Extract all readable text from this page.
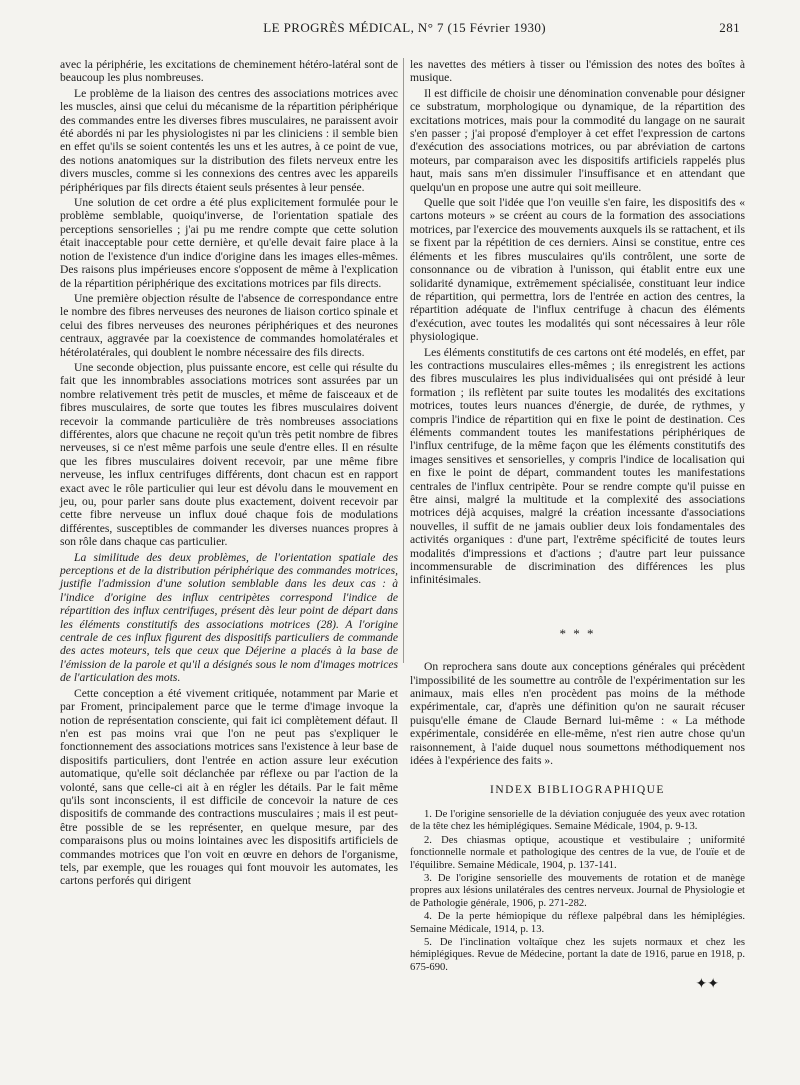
LE PROGRÈS MÉDICAL, N° 7 (15 Février 1930)	281

avec la périphérie, les excitations de cheminement hétéro-latéral sont de beaucoup les plus nombreuses.

Le problème de la liaison des centres des associations motrices avec les muscles, ainsi que celui du mécanisme de la répartition périphérique des commandes entre les diverses fibres musculaires, ne paraissent avoir été abordés ni par les physiologistes ni par les cliniciens : il semble bien en effet qu'ils se soient contentés les uns et les autres, à ce point de vue, des notions anatomiques sur la distribution des filets nerveux entre les divers muscles, comme si les connexions des centres avec les appareils périphériques par fils directs étaient seuls présentes à leur pensée.

Une solution de cet ordre a été plus explicitement formulée pour le problème semblable, quoiqu'inverse, de l'orientation spatiale des perceptions sensorielles ; j'ai pu me rendre compte que cette solution était inacceptable pour cette dernière, et qu'elle devait faire place à la notion de l'existence d'un indice d'origine dans les images elles-mêmes. Des raisons plus impérieuses encore s'opposent de même à l'explication de la répartition périphérique des excitations motrices par fils directs.

Une première objection résulte de l'absence de correspondance entre le nombre des fibres nerveuses des neurones de liaison cortico spinale et celui des fibres nerveuses des neurones périphériques et des neurones centraux, aggravée par la coexistence de commandes homolatérales et hétérolatérales, qui doublent le nombre nécessaire des fils directs.

Une seconde objection, plus puissante encore, est celle qui résulte du fait que les innombrables associations motrices sont assurées par un nombre relativement très petit de muscles, et même de faisceaux et de fibres musculaires, de sorte que toutes les fibres musculaires doivent recevoir la commande particulière de très nombreuses associations différentes, alors que chacune ne reçoit qu'un très petit nombre de fibres nerveuses, si ce n'est même parfois une seule d'entre elles. Il en résulte que les fibres musculaires doivent recevoir, par une même fibre nerveuse, les influx centrifuges différents, dont chacun est en rapport exact avec le rôle particulier qui leur est dévolu dans le mouvement en jeu, ou, pour parler sans doute plus exactement, doivent recevoir par cette fibre nerveuse un influx doué chaque fois de modulations différentes, susceptibles de commander les diverses nuances propres à son rôle dans chaque cas particulier.

La similitude des deux problèmes, de l'orientation spatiale des perceptions et de la distribution périphérique des commandes motrices, justifie l'admission d'une solution semblable dans les deux cas : à l'indice d'origine des influx centripètes correspond l'indice de répartition des influx centrifuges, présent dès leur point de départ dans les éléments constitutifs des associations motrices (28). A l'origine centrale de ces influx figurent des dispositifs particuliers de commande des actes moteurs, tels que ceux que Déjerine a placés à la base de l'émission de la parole et qu'il a désignés sous le nom d'images motrices de l'articulation des mots.

Cette conception a été vivement critiquée, notamment par Marie et par Froment, principalement parce que le terme d'image invoque la notion de représentation consciente, qui fait ici complètement défaut. Il n'en est pas moins vrai que l'on ne peut pas s'expliquer le fonctionnement des associations motrices sans l'existence à leur base de dispositifs particuliers, dont l'entrée en action assure leur exécution automatique, qu'elle soit déclanchée par réflexe ou par l'action de la volonté, sans que celle-ci ait à en régler les détails. Par le fait même qu'ils sont inconscients, il est difficile de concevoir la nature de ces dispositifs de commande des contractions musculaires ; mais il est peut-être possible de se les représenter, en quelque mesure, par des comparaisons plus ou moins lointaines avec les dispositifs artificiels de commandes motrices que l'on voit en œuvre en dehors de l'organisme, tels, par exemple, que les rouages qui font mouvoir les automates, les cartons perforés qui dirigent

les navettes des métiers à tisser ou l'émission des notes des boîtes à musique.

Il est difficile de choisir une dénomination convenable pour désigner ce substratum, morphologique ou dynamique, de la répartition des excitations motrices, mais pour la commodité du langage on ne saurait s'en passer ; j'ai proposé d'employer à cet effet l'expression de cartons d'exécution des associations motrices, ou par abréviation de cartons moteurs, par comparaison avec les dispositifs artificiels rappelés plus haut, mais sans m'en dissimuler l'insuffisance et en attendant que quelqu'un en propose une autre qui soit meilleure.

Quelle que soit l'idée que l'on veuille s'en faire, les dispositifs des « cartons moteurs » se créent au cours de la formation des associations motrices, par l'exercice des mouvements auxquels ils se rattachent, et ils se fixent par la répétition de ces derniers. Ainsi se constitue, entre ces éléments et les fibres musculaires qu'ils contrôlent, une sorte de consonnance ou de vibration à l'unisson, qui établit entre eux une solidarité dynamique, extrêmement spécialisée, constituant leur indice de répartition, qui permettra, lors de l'entrée en action des centres, la répartition adéquate de l'influx centrifuge à chacun des éléments d'exécution, avec toutes les modalités qui sont nécessaires à leur rôle physiologique.

Les éléments constitutifs de ces cartons ont été modelés, en effet, par les contractions musculaires elles-mêmes ; ils enregistrent les actions des fibres musculaires les plus individualisées qui ont présidé à leur formation ; ils reflètent par suite toutes les modalités des excitations motrices, toutes leurs nuances d'énergie, de durée, de rythmes, y compris l'indice de répartition qui en fixe le point de destination. Ces éléments commandent toutes les manifestations périphériques de l'influx centrifuge, de la même façon que les éléments constitutifs des images sensitives et sensorielles, y compris l'indice de localisation qui en fixe le point de départ, commandent toutes les manifestations centrales de l'influx centripète. Pour se rendre compte qu'il puisse en être ainsi, malgré la multitude et la complexité des associations motrices déjà acquises, malgré la création incessante d'associations nouvelles, il suffit de ne jamais oublier deux lois fondamentales des activités organiques : d'une part, l'extrême spécificité de toutes leurs modalités d'impressions et d'actions ; d'autre part leur puissance incommensurable de discrimination des différences les plus infinitésimales.

* * *

On reprochera sans doute aux conceptions générales qui précèdent l'impossibilité de les soumettre au contrôle de l'expérimentation sur les animaux, mais elles n'en procèdent pas moins de la méthode expérimentale, car, d'après une définition qu'on ne saurait récuser puisqu'elle émane de Claude Bernard lui-même : « La méthode expérimentale, considérée en elle-même, n'est rien autre chose qu'un raisonnement, à l'aide duquel nous soumettons méthodiquement nos idées à l'expérience des faits ».

INDEX BIBLIOGRAPHIQUE
1. De l'origine sensorielle de la déviation conjuguée des yeux avec rotation de la tête chez les hémiplégiques. Semaine Médicale, 1904, p. 9-13.
2. Des chiasmas optique, acoustique et vestibulaire ; uniformité fonctionnelle normale et pathologique des centres de la vue, de l'ouïe et de l'équilibre. Semaine Médicale, 1904, p. 137-141.
3. De l'origine sensorielle des mouvements de rotation et de manège propres aux lésions unilatérales des centres nerveux. Journal de Physiologie et de Pathologie générale, 1906, p. 271-282.
4. De la perte hémiopique du réflexe palpébral dans les hémiplégies. Semaine Médicale, 1914, p. 13.
5. De l'inclination voltaïque chez les sujets normaux et chez les hémiplégiques. Revue de Médecine, portant la date de 1916, parue en 1918, p. 675-690.
✦✦
